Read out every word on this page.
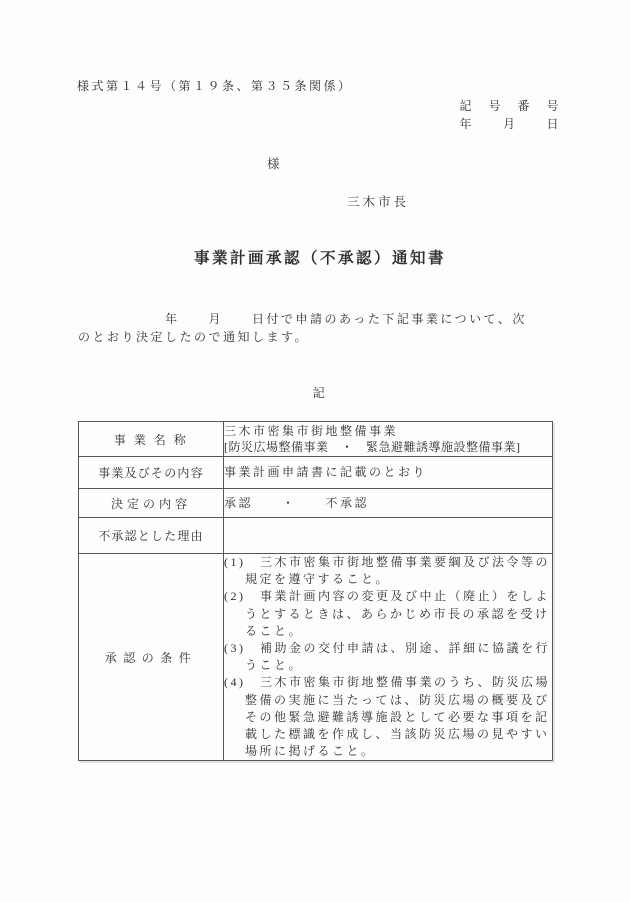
様式第１４号（第１９条、第３５条関係）
記　号　番　号
年　　月　　日
様
三木市長
事業計画承認（不承認）通知書
　　　　　　年　　月　　日付で申請のあった下記事業について、次のとおり決定したので通知します。
記
事 業 名 称	三木市密集市街地整備事業
[防災広場整備事業　・　緊急避難誘導施設整備事業]

事業及びその内容	事業計画申請書に記載のとおり
決定の内容	承認　　・　　不承認
不承認とした理由	
承認の条件	(1)　三木市密集市街地整備事業要綱及び法令等の規定を遵守すること。
(2)　事業計画内容の変更及び中止（廃止）をしようとするときは、あらかじめ市長の承認を受けること。
(3)　補助金の交付申請は、別途、詳細に協議を行うこと。
(4)　三木市密集市街地整備事業のうち、防災広場整備の実施に当たっては、防災広場の概要及びその他緊急避難誘導施設として必要な事項を記載した標識を作成し、当該防災広場の見やすい場所に掲げること。
